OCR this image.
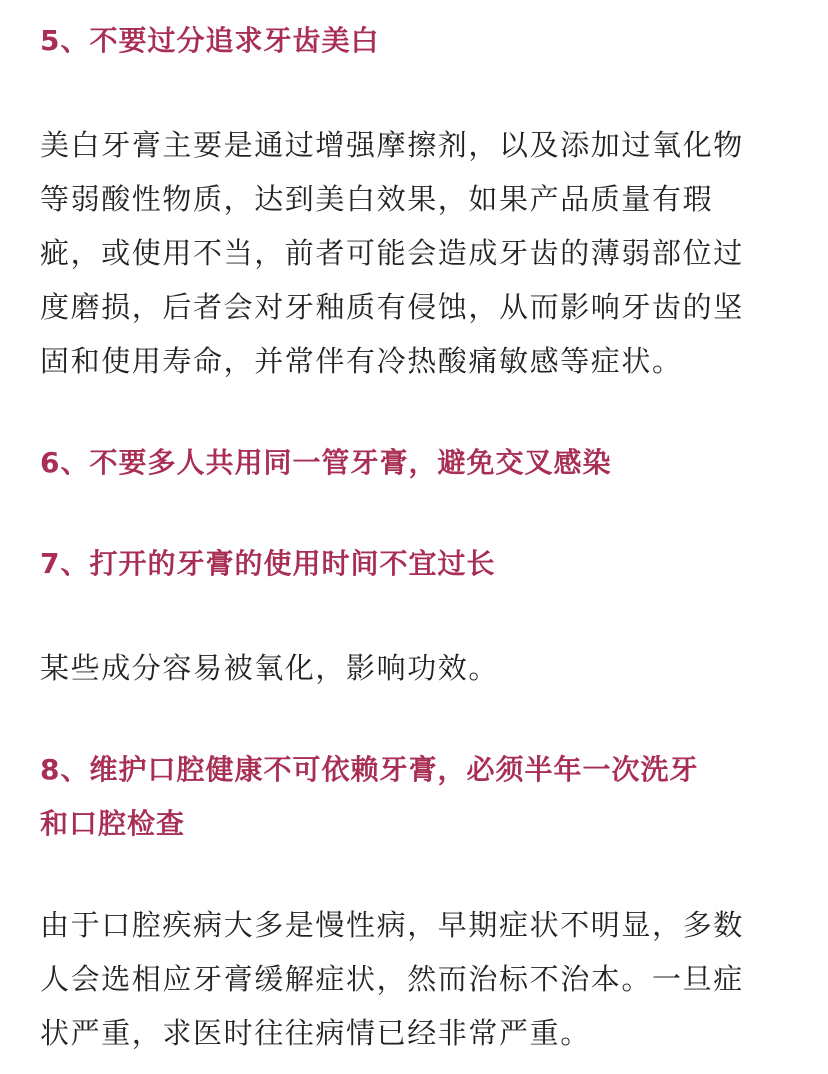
5、不要过分追求牙齿美白

美白牙膏主要是通过增强摩擦剂，以及添加过氧化物
等弱酸性物质，达到美白效果，如果产品质量有瑕
疵，或使用不当，前者可能会造成牙齿的薄弱部位过
度磨损，后者会对牙釉质有侵蚀，从而影响牙齿的坚
固和使用寿命，并常伴有冷热酸痛敏感等症状。

6、不要多人共用同一管牙膏，避免交叉感染
7、打开的牙膏的使用时间不宜过长

某些成分容易被氧化，影响功效。

8、维护口腔健康不可依赖牙膏，必须半年一次洗牙
和口腔检查

由于口腔疾病大多是慢性病，早期症状不明显，多数
人会选相应牙膏缓解症状，然而治标不治本。一旦症
状严重，求医时往往病情已经非常严重。
